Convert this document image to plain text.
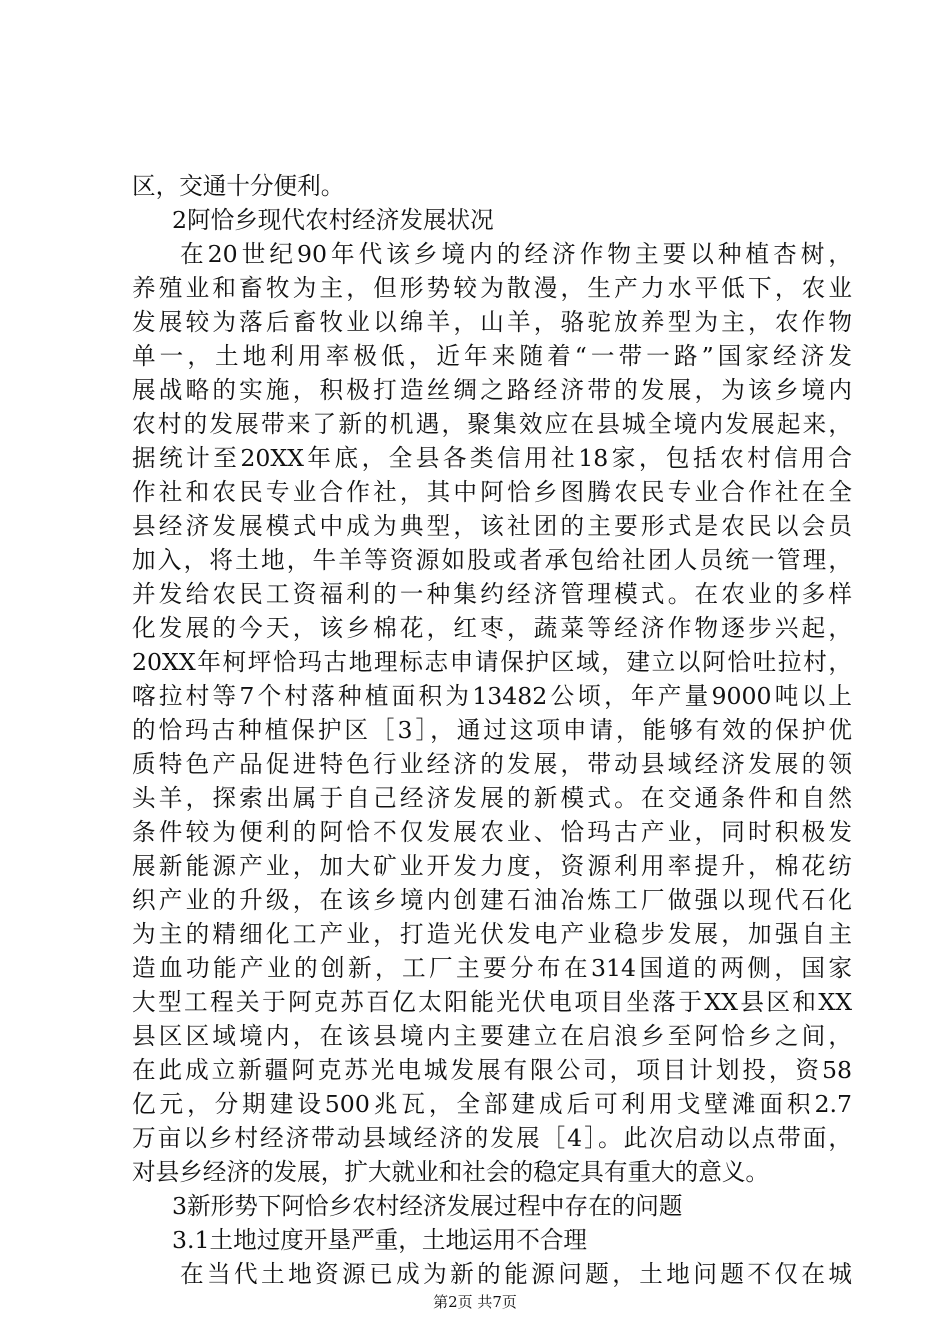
区，交通十分便利。
2阿恰乡现代农村经济发展状况
在20世纪90年代该乡境内的经济作物主要以种植杏树，
养殖业和畜牧为主，但形势较为散漫，生产力水平低下，农业
发展较为落后畜牧业以绵羊，山羊，骆驼放养型为主，农作物
单一，土地利用率极低，近年来随着“一带一路”国家经济发
展战略的实施，积极打造丝绸之路经济带的发展，为该乡境内
农村的发展带来了新的机遇，聚集效应在县城全境内发展起来，
据统计至20XX年底，全县各类信用社18家，包括农村信用合
作社和农民专业合作社，其中阿恰乡图腾农民专业合作社在全
县经济发展模式中成为典型，该社团的主要形式是农民以会员
加入，将土地，牛羊等资源如股或者承包给社团人员统一管理，
并发给农民工资福利的一种集约经济管理模式。在农业的多样
化发展的今天，该乡棉花，红枣，蔬菜等经济作物逐步兴起，
20XX年柯坪恰玛古地理标志申请保护区域，建立以阿恰吐拉村，
喀拉村等7个村落种植面积为13482公顷，年产量9000吨以上
的恰玛古种植保护区［3］，通过这项申请，能够有效的保护优
质特色产品促进特色行业经济的发展，带动县域经济发展的领
头羊，探索出属于自己经济发展的新模式。在交通条件和自然
条件较为便利的阿恰不仅发展农业、恰玛古产业，同时积极发
展新能源产业，加大矿业开发力度，资源利用率提升，棉花纺
织产业的升级，在该乡境内创建石油冶炼工厂做强以现代石化
为主的精细化工产业，打造光伏发电产业稳步发展，加强自主
造血功能产业的创新，工厂主要分布在314国道的两侧，国家
大型工程关于阿克苏百亿太阳能光伏电项目坐落于XX县区和XX
县区区域境内，在该县境内主要建立在启浪乡至阿恰乡之间，
在此成立新疆阿克苏光电城发展有限公司，项目计划投，资58
亿元，分期建设500兆瓦，全部建成后可利用戈壁滩面积2.7
万亩以乡村经济带动县域经济的发展［4］。此次启动以点带面，
对县乡经济的发展，扩大就业和社会的稳定具有重大的意义。
3新形势下阿恰乡农村经济发展过程中存在的问题
3.1土地过度开垦严重，土地运用不合理
在当代土地资源已成为新的能源问题，土地问题不仅在城
第2页 共7页
